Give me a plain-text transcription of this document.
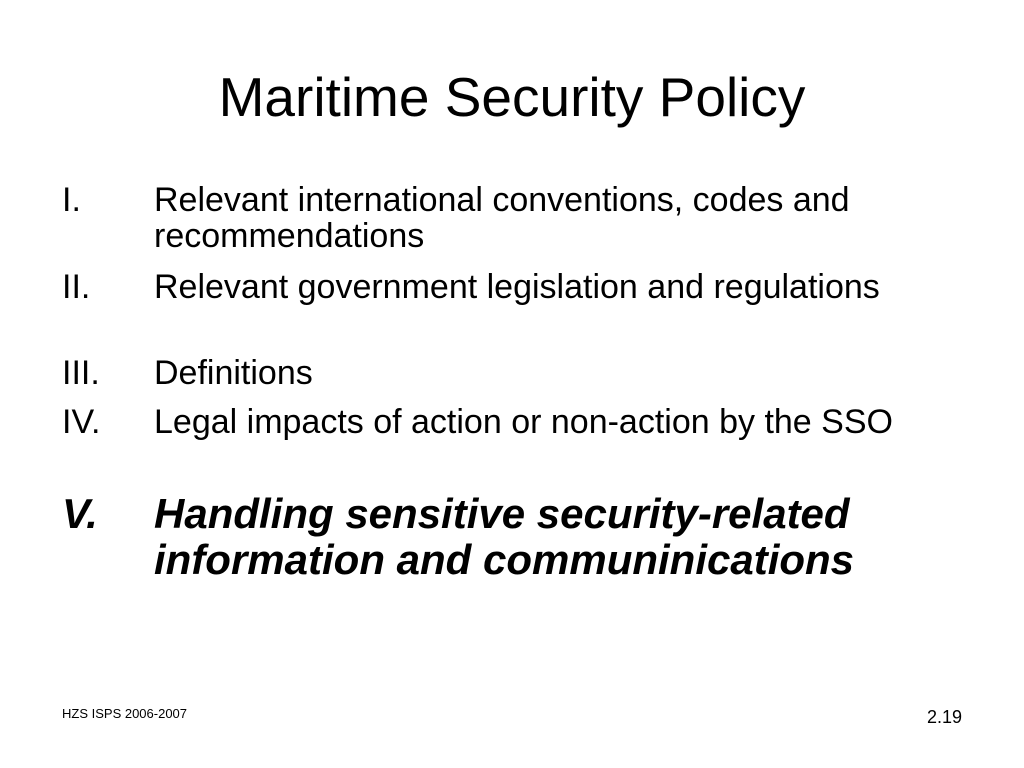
Maritime Security Policy
I. Relevant international conventions, codes and recommendations
II. Relevant government legislation and regulations
III. Definitions
IV. Legal impacts of action or non-action by the SSO
V. Handling sensitive security-related information and communinications
HZS ISPS 2006-2007	2.19
